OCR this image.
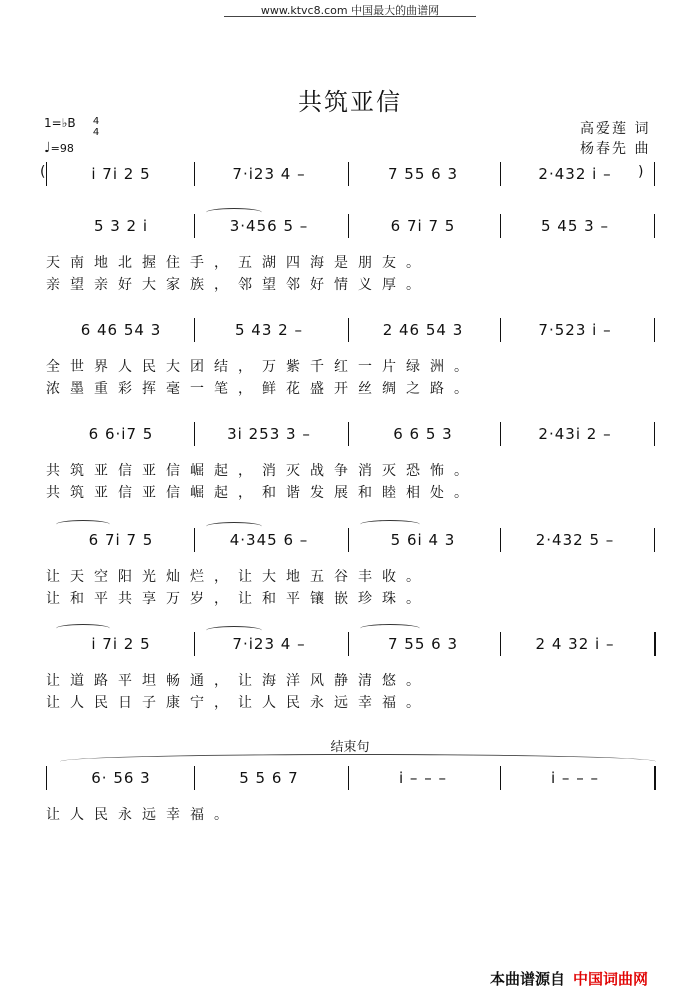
www.ktvc8.com 中国最大的曲谱网
共筑亚信
1=♭B 4
4
♩=98
高爱莲 词
杨春先 曲
i 7i 2 5	7·i23 4 –	7 55 6 3	2·432 i –
(	)
5 3 2 i	3·456 5 –	6 7i 7 5	5 45 3 –
天南地北握住手，五湖四海是朋友。
亲望亲好大家族，邻望邻好情义厚。
6 46 54 3	5 43 2 –	2 46 54 3	7·523 i –
全世界人民大团结，万紫千红一片绿洲。
浓墨重彩挥毫一笔，鲜花盛开丝绸之路。
6 6·i7 5	3i 253 3 –	6 6 5 3	2·43i 2 –
共筑亚信亚信崛起，消灭战争消灭恐怖。
共筑亚信亚信崛起，和谐发展和睦相处。
6 7i 7 5	4·345 6 –	5 6i 4 3	2·432 5 –
让天空阳光灿烂，让大地五谷丰收。
让和平共享万岁，让和平镶嵌珍珠。
i 7i 2 5	7·i23 4 –	7 55 6 3	2 4 32 i –
让道路平坦畅通，让海洋风静清悠。
让人民日子康宁，让人民永远幸福。
结束句
6· 56 3	5 5 6 7	i – – –	i – – –
让人民永远幸福。
本曲谱源自 中国词曲网
